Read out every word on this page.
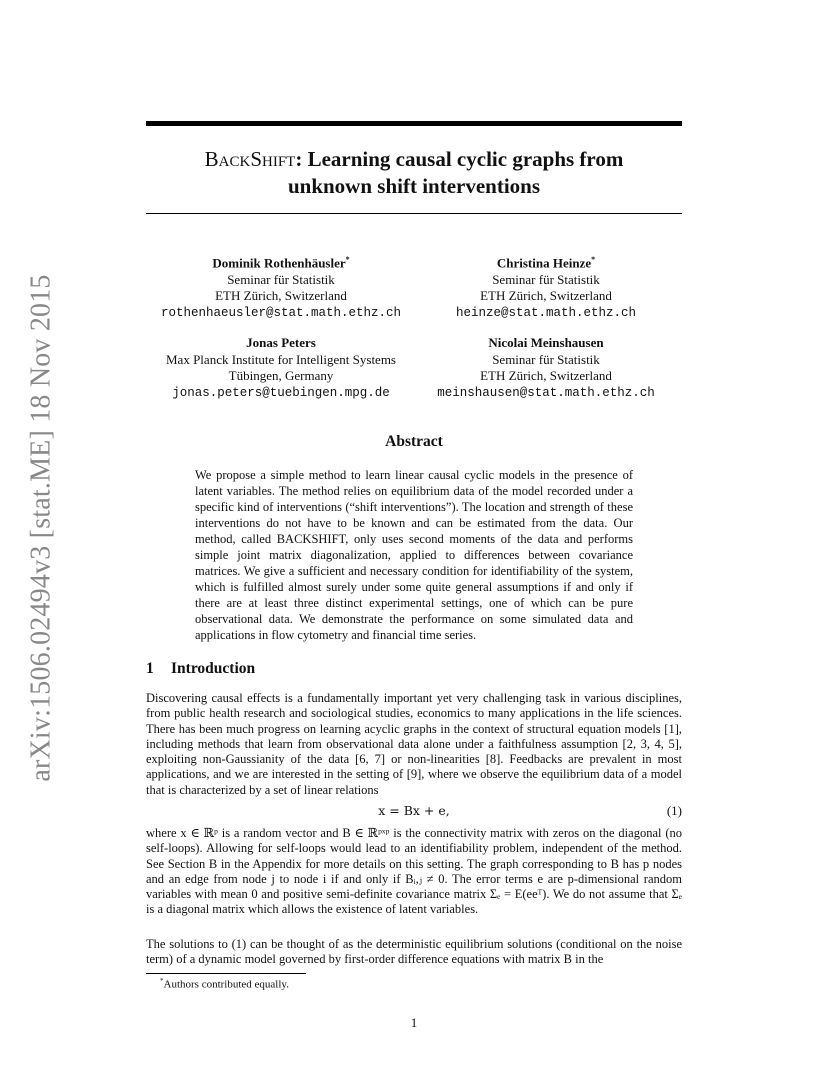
arXiv:1506.02494v3 [stat.ME] 18 Nov 2015
BackShift: Learning causal cyclic graphs from
unknown shift interventions
Dominik Rothenhäusler*
Seminar für Statistik
ETH Zürich, Switzerland
rothenhaeusler@stat.math.ethz.ch
Christina Heinze*
Seminar für Statistik
ETH Zürich, Switzerland
heinze@stat.math.ethz.ch
Jonas Peters
Max Planck Institute for Intelligent Systems
Tübingen, Germany
jonas.peters@tuebingen.mpg.de
Nicolai Meinshausen
Seminar für Statistik
ETH Zürich, Switzerland
meinshausen@stat.math.ethz.ch
Abstract
We propose a simple method to learn linear causal cyclic models in the presence of latent variables. The method relies on equilibrium data of the model recorded under a specific kind of interventions (“shift interventions”). The location and strength of these interventions do not have to be known and can be estimated from the data. Our method, called BACKSHIFT, only uses second moments of the data and performs simple joint matrix diagonalization, applied to differences between covariance matrices. We give a sufficient and necessary condition for identifiability of the system, which is fulfilled almost surely under some quite general assumptions if and only if there are at least three distinct experimental settings, one of which can be pure observational data. We demonstrate the performance on some simulated data and applications in flow cytometry and financial time series.
1 Introduction
Discovering causal effects is a fundamentally important yet very challenging task in various disciplines, from public health research and sociological studies, economics to many applications in the life sciences. There has been much progress on learning acyclic graphs in the context of structural equation models [1], including methods that learn from observational data alone under a faithfulness assumption [2, 3, 4, 5], exploiting non-Gaussianity of the data [6, 7] or non-linearities [8]. Feedbacks are prevalent in most applications, and we are interested in the setting of [9], where we observe the equilibrium data of a model that is characterized by a set of linear relations
x = Bx + e,	(1)
where x ∈ ℝᵖ is a random vector and B ∈ ℝᵖˣᵖ is the connectivity matrix with zeros on the diagonal (no self-loops). Allowing for self-loops would lead to an identifiability problem, independent of the method. See Section B in the Appendix for more details on this setting. The graph corresponding to B has p nodes and an edge from node j to node i if and only if Bᵢ,ⱼ ≠ 0. The error terms e are p-dimensional random variables with mean 0 and positive semi-definite covariance matrix Σₑ = E(eeᵀ). We do not assume that Σₑ is a diagonal matrix which allows the existence of latent variables.
The solutions to (1) can be thought of as the deterministic equilibrium solutions (conditional on the noise term) of a dynamic model governed by first-order difference equations with matrix B in the
*Authors contributed equally.
1
